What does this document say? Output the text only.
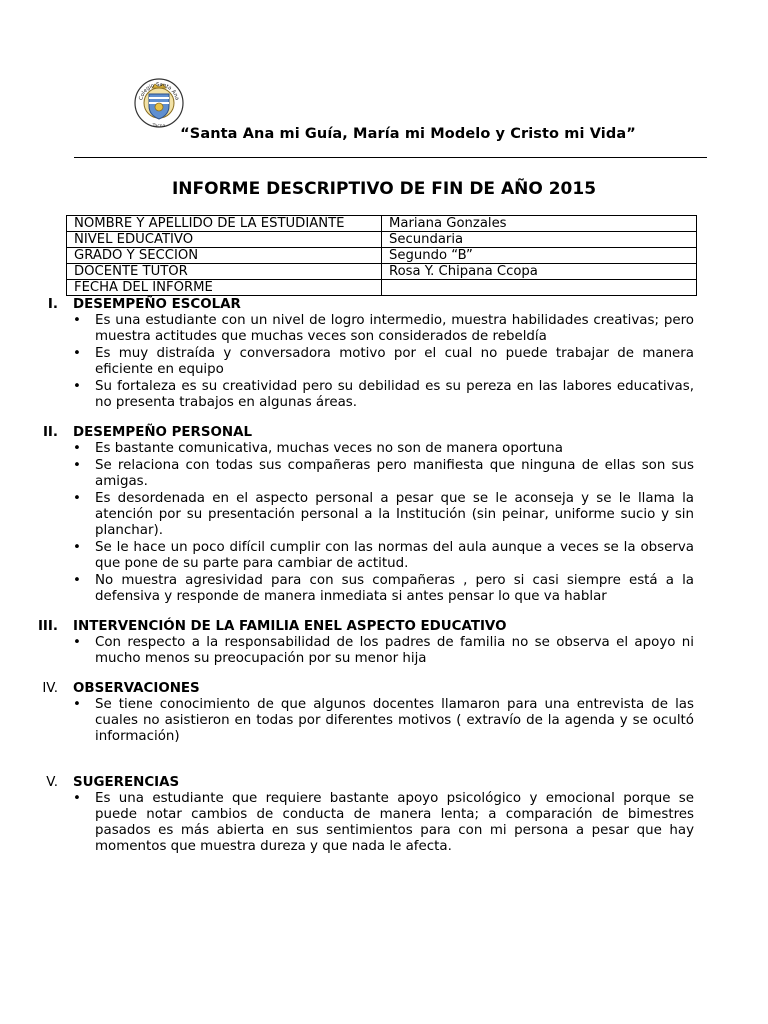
Colegio Santa Ana
Tacna	“Santa Ana mi Guía, María mi Modelo y Cristo mi Vida”
INFORME DESCRIPTIVO DE FIN DE AÑO 2015
NOMBRE Y APELLIDO DE LA ESTUDIANTE	Mariana Gonzales
NIVEL EDUCATIVO	Secundaria
GRADO Y SECCIÓN	Segundo “B”
DOCENTE TUTOR	Rosa Y. Chipana Ccopa
FECHA DEL INFORME	
I. DESEMPEÑO ESCOLAR
• Es una estudiante con un nivel de logro intermedio, muestra habilidades creativas; pero muestra actitudes que muchas veces son considerados de rebeldía
• Es muy distraída y conversadora motivo por el cual no puede trabajar de manera eficiente en equipo
• Su fortaleza es su creatividad pero su debilidad es su pereza en las labores educativas, no presenta trabajos en algunas áreas.
II. DESEMPEÑO PERSONAL
• Es bastante comunicativa, muchas veces no son de manera oportuna
• Se relaciona con todas sus compañeras pero manifiesta que ninguna de ellas son sus amigas.
• Es desordenada en el aspecto personal a pesar que se le aconseja y se le llama la atención por su presentación personal a la Institución (sin peinar, uniforme sucio y sin planchar).
• Se le hace un poco difícil cumplir con las normas del aula aunque a veces se la observa que pone de su parte para cambiar de actitud.
• No muestra agresividad para con sus compañeras , pero si casi siempre está a la defensiva y responde de manera inmediata si antes pensar lo que va hablar
III. INTERVENCIÓN DE LA FAMILIA ENEL ASPECTO EDUCATIVO
• Con respecto a la responsabilidad de los padres de familia no se observa el apoyo ni mucho menos su preocupación por su menor hija
IV. OBSERVACIONES
• Se tiene conocimiento de que algunos docentes llamaron para una entrevista de las cuales no asistieron en todas por diferentes motivos ( extravío de la agenda y se ocultó información)
V. SUGERENCIAS
• Es una estudiante que requiere bastante apoyo psicológico y emocional porque se puede notar cambios de conducta de manera lenta; a comparación de bimestres pasados es más abierta en sus sentimientos para con mi persona a pesar que hay momentos que muestra dureza y que nada le afecta.
